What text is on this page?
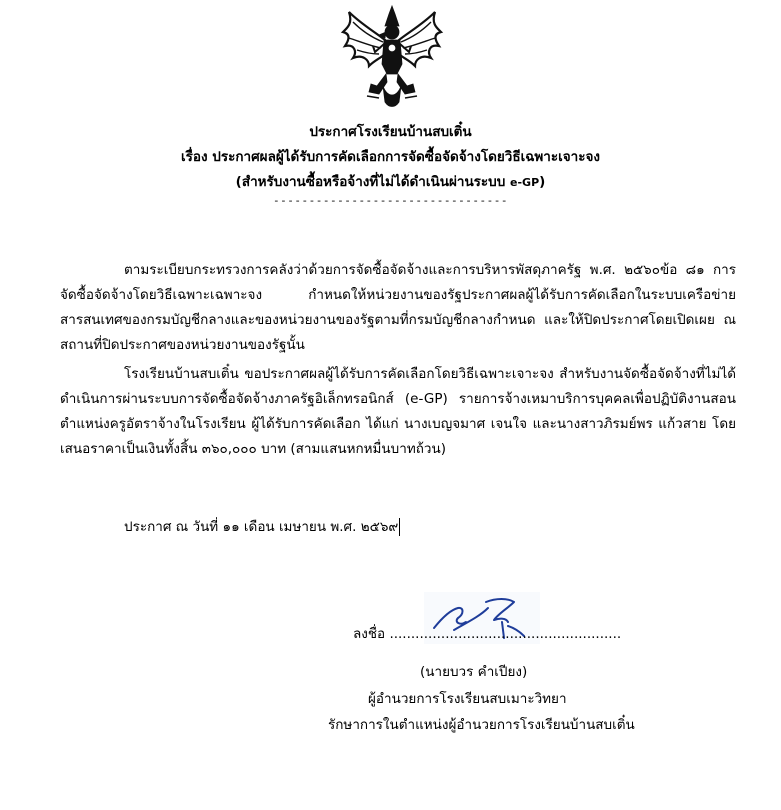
ประกาศโรงเรียนบ้านสบเติ๋น
เรื่อง ประกาศผลผู้ได้รับการคัดเลือกการจัดซื้อจัดจ้างโดยวิธีเฉพาะเจาะจง
(สำหรับงานซื้อหรือจ้างที่ไม่ได้ดำเนินผ่านระบบ e-GP)
---------------------------------
ตามระเบียบกระทรวงการคลังว่าด้วยการจัดซื้อจัดจ้างและการบริหารพัสดุภาครัฐ พ.ศ. ๒๕๖๐ข้อ ๘๑ การจัดซื้อจัดจ้างโดยวิธีเฉพาะเฉพาะจง กำหนดให้หน่วยงานของรัฐประกาศผลผู้ได้รับการคัดเลือกในระบบเครือข่ายสารสนเทศของกรมบัญชีกลางและของหน่วยงานของรัฐตามที่กรมบัญชีกลางกำหนด และให้ปิดประกาศโดยเปิดเผย ณ สถานที่ปิดประกาศของหน่วยงานของรัฐนั้น
โรงเรียนบ้านสบเติ๋น ขอประกาศผลผู้ได้รับการคัดเลือกโดยวิธีเฉพาะเจาะจง สำหรับงานจัดซื้อจัดจ้างที่ไม่ได้ดำเนินการผ่านระบบการจัดซื้อจัดจ้างภาครัฐอิเล็กทรอนิกส์ (e-GP) รายการจ้างเหมาบริการบุคคลเพื่อปฏิบัติงานสอนตำแหน่งครูอัตราจ้างในโรงเรียน ผู้ได้รับการคัดเลือก ได้แก่ นางเบญจมาศ เจนใจ และนางสาวภิรมย์พร แก้วสาย โดยเสนอราคาเป็นเงินทั้งสิ้น ๓๖๐,๐๐๐ บาท (สามแสนหกหมื่นบาทถ้วน)
ประกาศ ณ วันที่ ๑๑ เดือน เมษายน พ.ศ. ๒๕๖๙
ลงชื่อ ......................................................
(นายบวร คำเปียง)
ผู้อำนวยการโรงเรียนสบเมาะวิทยา
รักษาการในตำแหน่งผู้อำนวยการโรงเรียนบ้านสบเติ๋น
